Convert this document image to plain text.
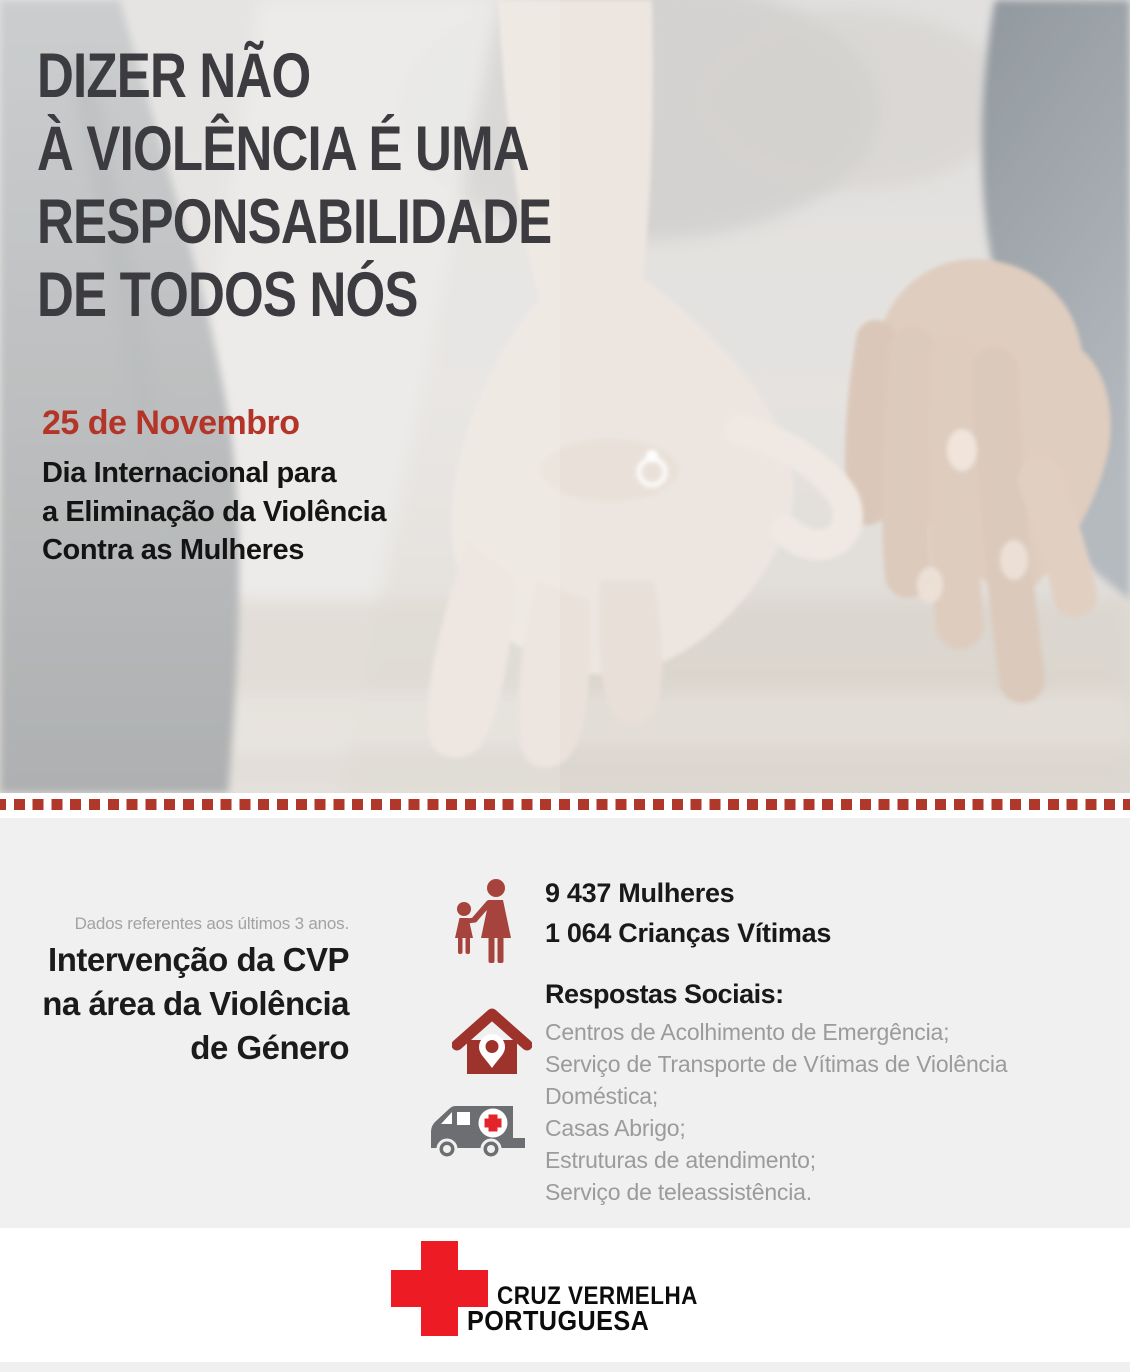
DIZER NÃO
À VIOLÊNCIA É UMA
RESPONSABILIDADE
DE TODOS NÓS
25 de Novembro
Dia Internacional para
a Eliminação da Violência
Contra as Mulheres
Dados referentes aos últimos 3 anos.
Intervenção da CVP
na área da Violência
de Género
9 437 Mulheres
1 064 Crianças Vítimas
Respostas Sociais:
Centros de Acolhimento de Emergência;
Serviço de Transporte de Vítimas de Violência Doméstica;
Casas Abrigo;
Estruturas de atendimento;
Serviço de teleassistência.
CRUZ VERMELHA
PORTUGUESA
